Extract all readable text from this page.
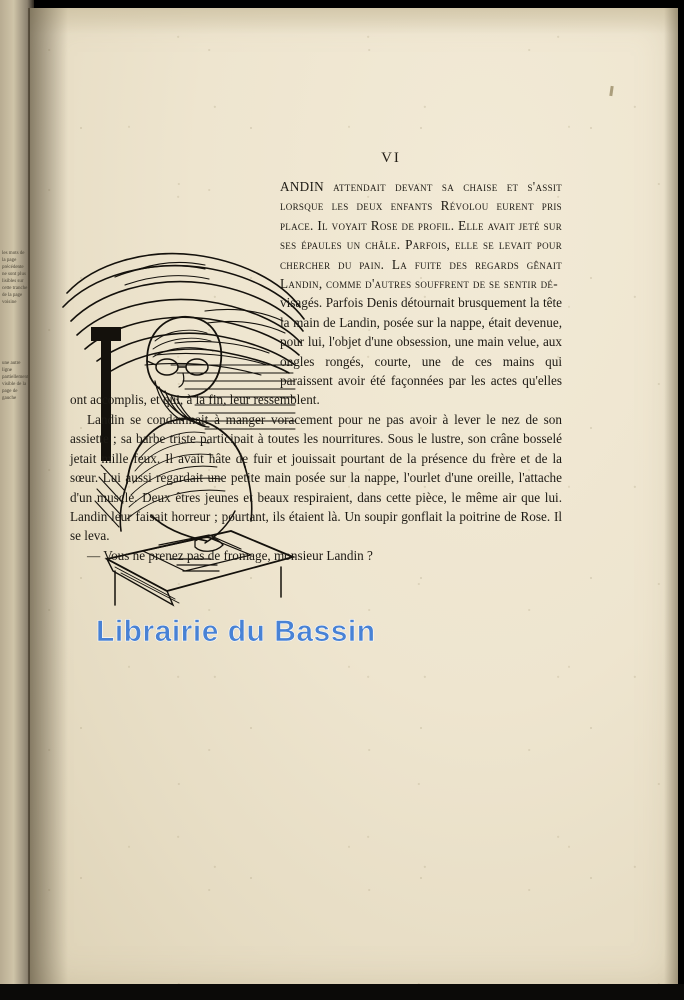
les mots de la page précédente ne sont plus lisibles sur cette tranche de la page voisine
une autre ligne partiellement visible de la page de gauche
VI

ANDIN attendait devant sa chaise et s'assit lorsque les deux enfants Révolou eurent pris place. Il voyait Rose de profil. Elle avait jeté sur ses épaules un châle. Parfois, elle se levait pour chercher du pain. La fuite des regards gênait Landin, comme d'autres souffrent de se sentir dé-

visagés. Parfois Denis détournait brusquement la tête la main de Landin, posée sur la nappe, était devenue, pour lui, l'objet d'une obsession, une main velue, aux ongles rongés, courte, une de ces mains qui paraissent avoir été façonnées par les actes qu'elles ont accomplis, et qui, à la fin, leur ressemblent.

Landin se condamnait à manger voracement pour ne pas avoir à lever le nez de son assiette ; sa barbe triste participait à toutes les nourritures. Sous le lustre, son crâne bosselé jetait mille feux. Il avait hâte de fuir et jouissait pourtant de la présence du frère et de la sœur. Lui aussi regardait une petite main posée sur la nappe, l'ourlet d'une oreille, l'attache d'un muscle. Deux êtres jeunes et beaux respiraient, dans cette pièce, le même air que lui. Landin leur faisait horreur ; pourtant, ils étaient là. Un soupir gonflait la poitrine de Rose. Il se leva.

— Vous ne prenez pas de fromage, monsieur Landin ?

Librairie du Bassin
